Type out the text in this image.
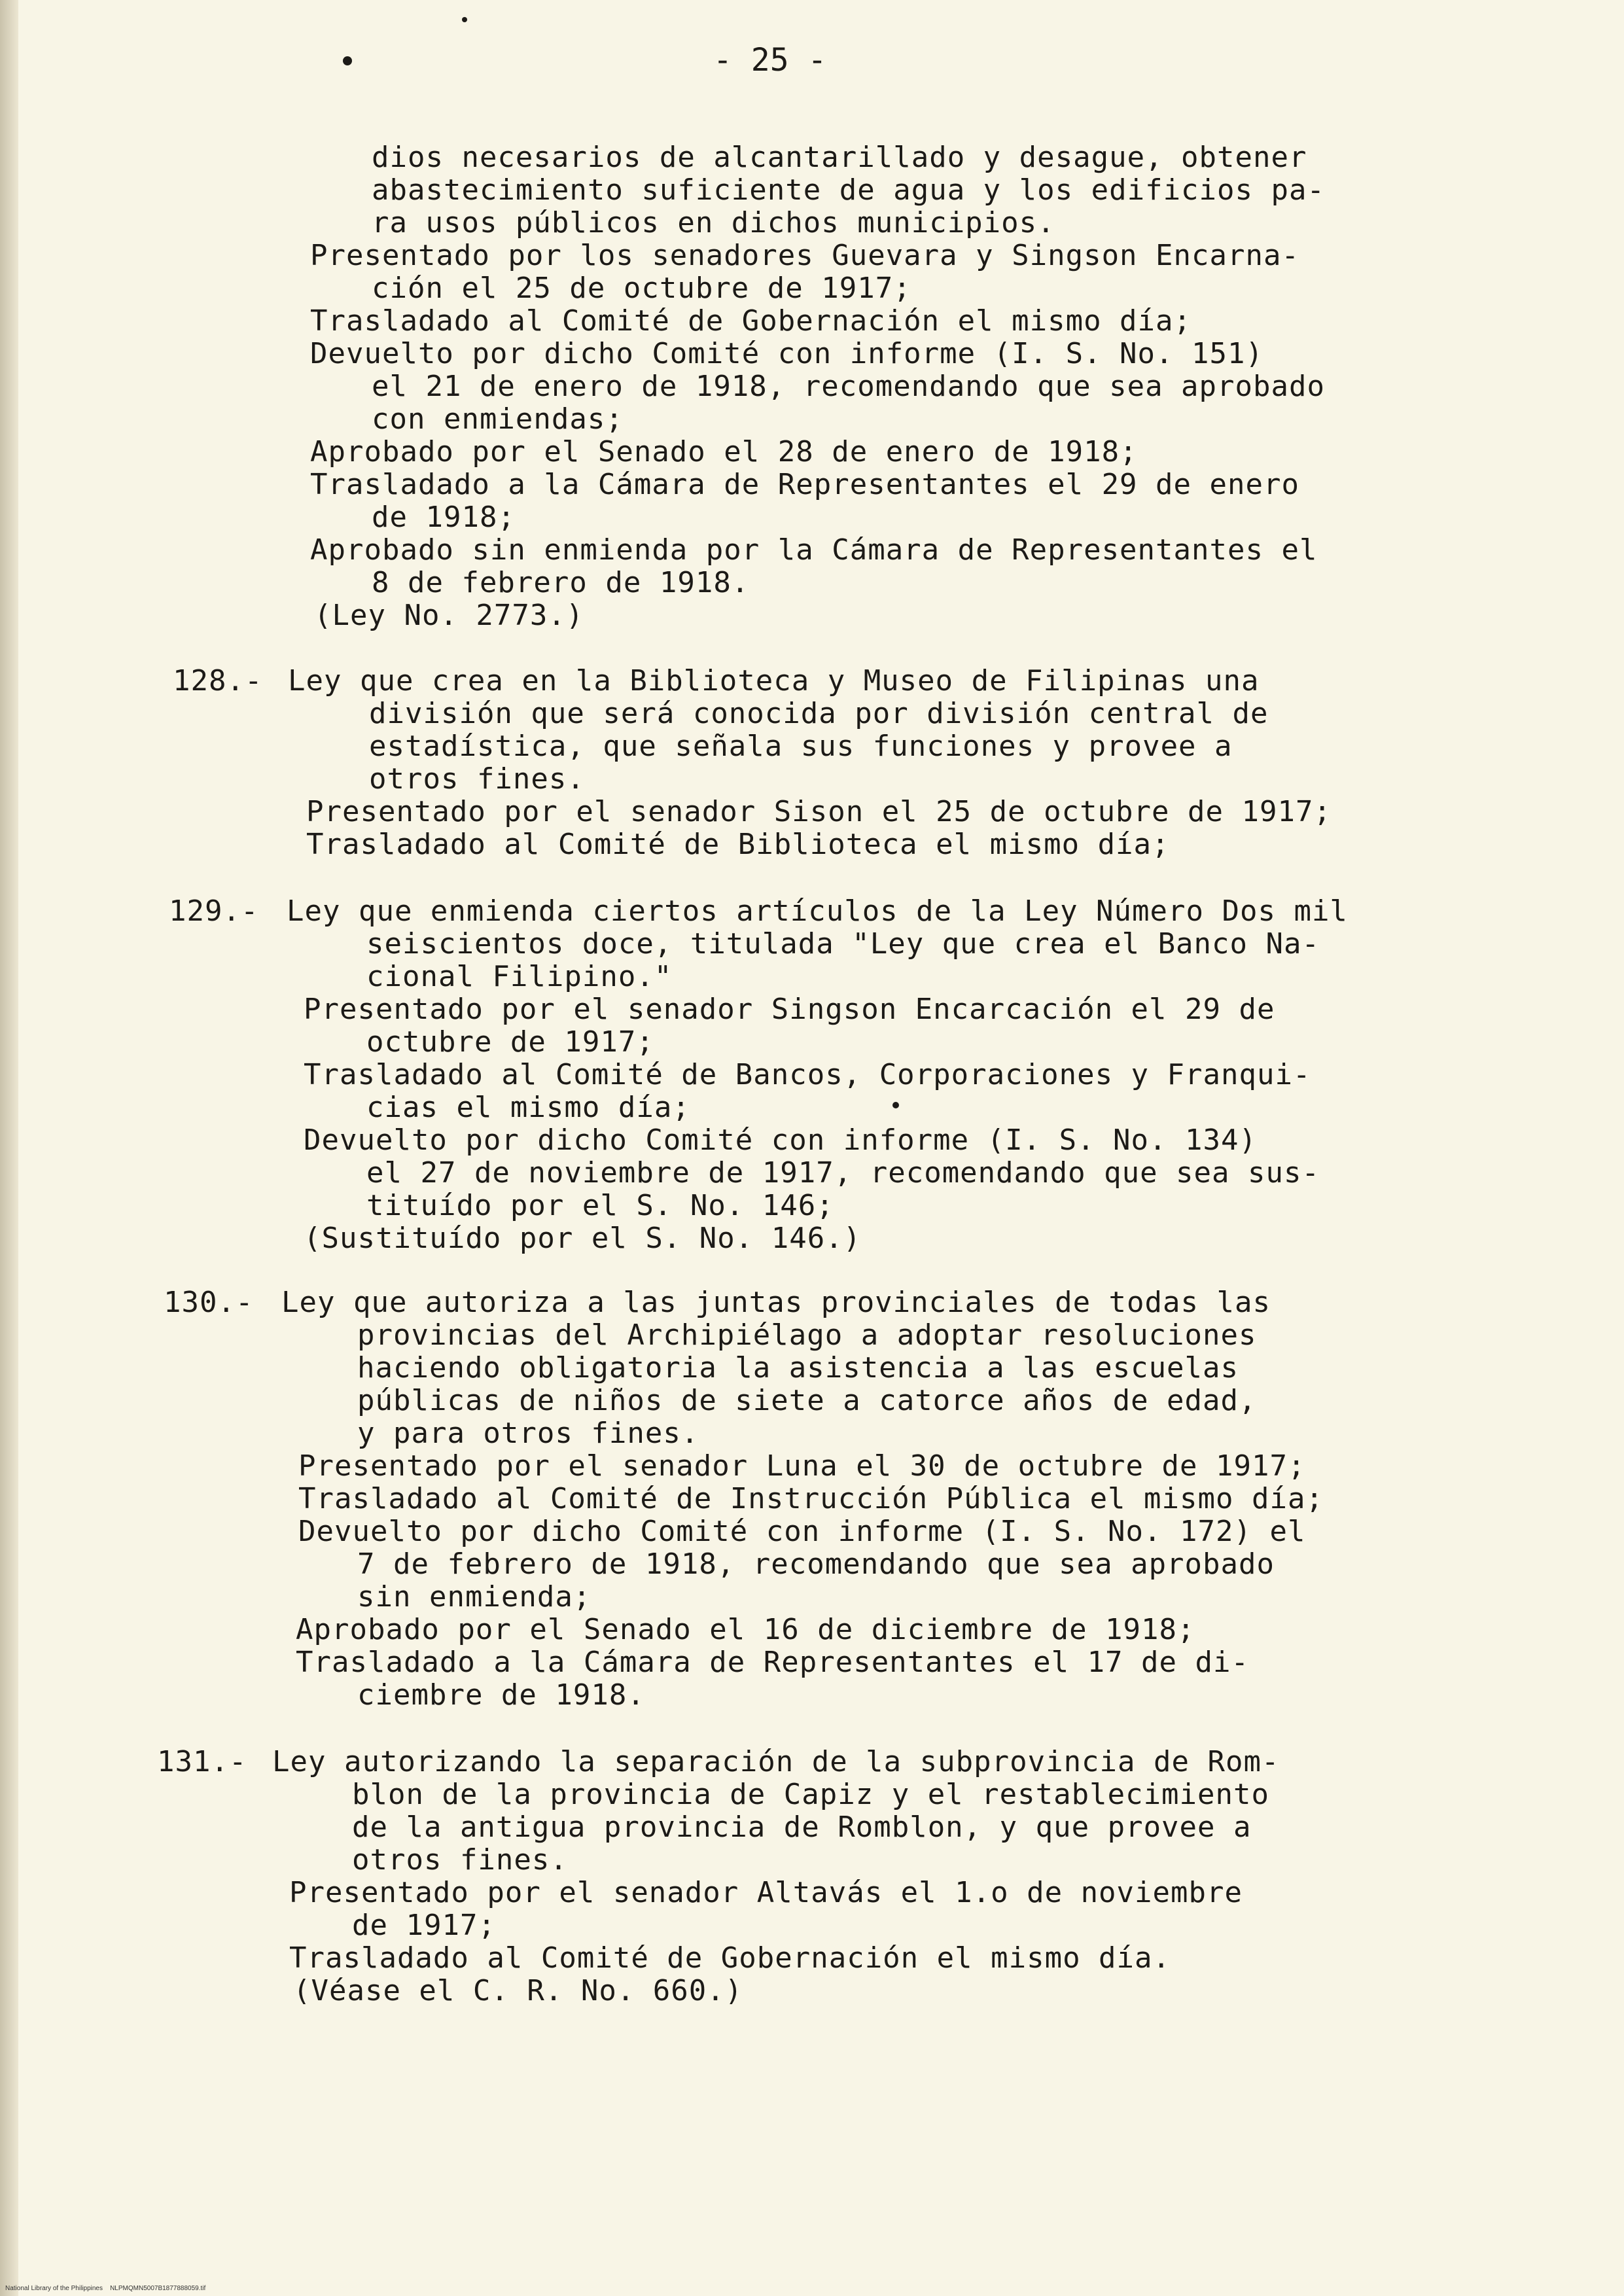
- 25 -
dios necesarios de alcantarillado y desague, obtener
abastecimiento suficiente de agua y los edificios pa-
ra usos públicos en dichos municipios.
Presentado por los senadores Guevara y Singson Encarna-
ción el 25 de octubre de 1917;
Trasladado al Comité de Gobernación el mismo día;
Devuelto por dicho Comité con informe (I. S. No. 151)
el 21 de enero de 1918, recomendando que sea aprobado
con enmiendas;
Aprobado por el Senado el 28 de enero de 1918;
Trasladado a la Cámara de Representantes el 29 de enero
de 1918;
Aprobado sin enmienda por la Cámara de Representantes el
8 de febrero de 1918.
(Ley No. 2773.)
128.- Ley que crea en la Biblioteca y Museo de Filipinas una
división que será conocida por división central de
estadística, que señala sus funciones y provee a
otros fines.
Presentado por el senador Sison el 25 de octubre de 1917;
Trasladado al Comité de Biblioteca el mismo día;
129.- Ley que enmienda ciertos artículos de la Ley Número Dos mil
seiscientos doce, titulada "Ley que crea el Banco Na-
cional Filipino."
Presentado por el senador Singson Encarcación el 29 de
octubre de 1917;
Trasladado al Comité de Bancos, Corporaciones y Franqui-
cias el mismo día;
Devuelto por dicho Comité con informe (I. S. No. 134)
el 27 de noviembre de 1917, recomendando que sea sus-
tituído por el S. No. 146;
(Sustituído por el S. No. 146.)
130.- Ley que autoriza a las juntas provinciales de todas las
provincias del Archipiélago a adoptar resoluciones
haciendo obligatoria la asistencia a las escuelas
públicas de niños de siete a catorce años de edad,
y para otros fines.
Presentado por el senador Luna el 30 de octubre de 1917;
Trasladado al Comité de Instrucción Pública el mismo día;
Devuelto por dicho Comité con informe (I. S. No. 172) el
7 de febrero de 1918, recomendando que sea aprobado
sin enmienda;
Aprobado por el Senado el 16 de diciembre de 1918;
Trasladado a la Cámara de Representantes el 17 de di-
ciembre de 1918.
131.- Ley autorizando la separación de la subprovincia de Rom-
blon de la provincia de Capiz y el restablecimiento
de la antigua provincia de Romblon, y que provee a
otros fines.
Presentado por el senador Altavás el 1.o de noviembre
de 1917;
Trasladado al Comité de Gobernación el mismo día.
(Véase el C. R. No. 660.)
National Library of the Philippines    NLPMQMN5007B1877888059.tif
